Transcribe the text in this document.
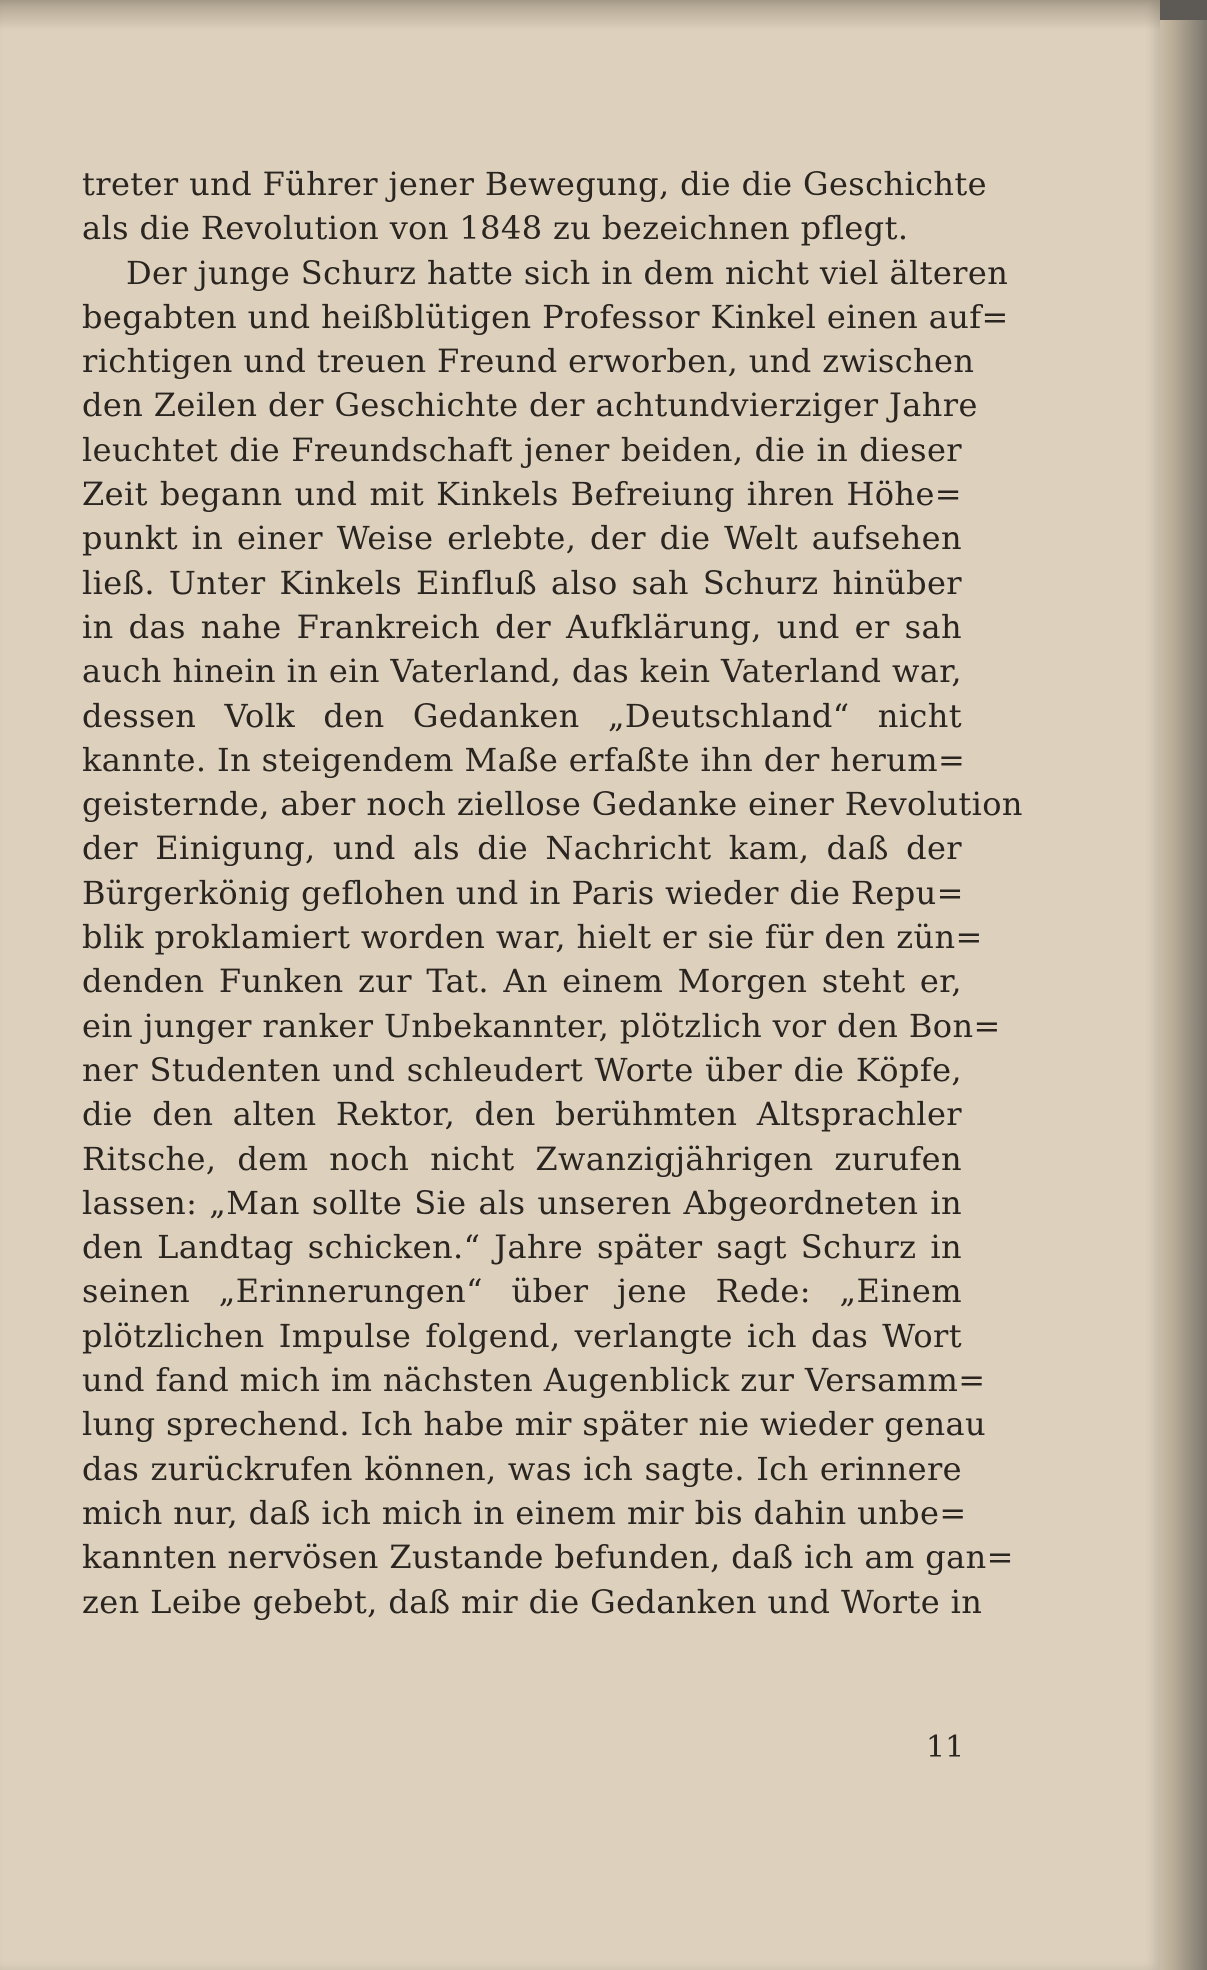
treter und Führer jener Bewegung, die die Geschichte
als die Revolution von 1848 zu bezeichnen pflegt.
Der junge Schurz hatte sich in dem nicht viel älteren
begabten und heißblütigen Professor Kinkel einen auf=
richtigen und treuen Freund erworben, und zwischen
den Zeilen der Geschichte der achtundvierziger Jahre
leuchtet die Freundschaft jener beiden, die in dieser
Zeit begann und mit Kinkels Befreiung ihren Höhe=
punkt in einer Weise erlebte, der die Welt aufsehen
ließ. Unter Kinkels Einfluß also sah Schurz hinüber
in das nahe Frankreich der Aufklärung, und er sah
auch hinein in ein Vaterland, das kein Vaterland war,
dessen Volk den Gedanken „Deutschland“ nicht
kannte. In steigendem Maße erfaßte ihn der herum=
geisternde, aber noch ziellose Gedanke einer Revolution
der Einigung, und als die Nachricht kam, daß der
Bürgerkönig geflohen und in Paris wieder die Repu=
blik proklamiert worden war, hielt er sie für den zün=
denden Funken zur Tat. An einem Morgen steht er,
ein junger ranker Unbekannter, plötzlich vor den Bon=
ner Studenten und schleudert Worte über die Köpfe,
die den alten Rektor, den berühmten Altsprachler
Ritsche, dem noch nicht Zwanzigjährigen zurufen
lassen: „Man sollte Sie als unseren Abgeordneten in
den Landtag schicken.“ Jahre später sagt Schurz in
seinen „Erinnerungen“ über jene Rede: „Einem
plötzlichen Impulse folgend, verlangte ich das Wort
und fand mich im nächsten Augenblick zur Versamm=
lung sprechend. Ich habe mir später nie wieder genau
das zurückrufen können, was ich sagte. Ich erinnere
mich nur, daß ich mich in einem mir bis dahin unbe=
kannten nervösen Zustande befunden, daß ich am gan=
zen Leibe gebebt, daß mir die Gedanken und Worte in
11
